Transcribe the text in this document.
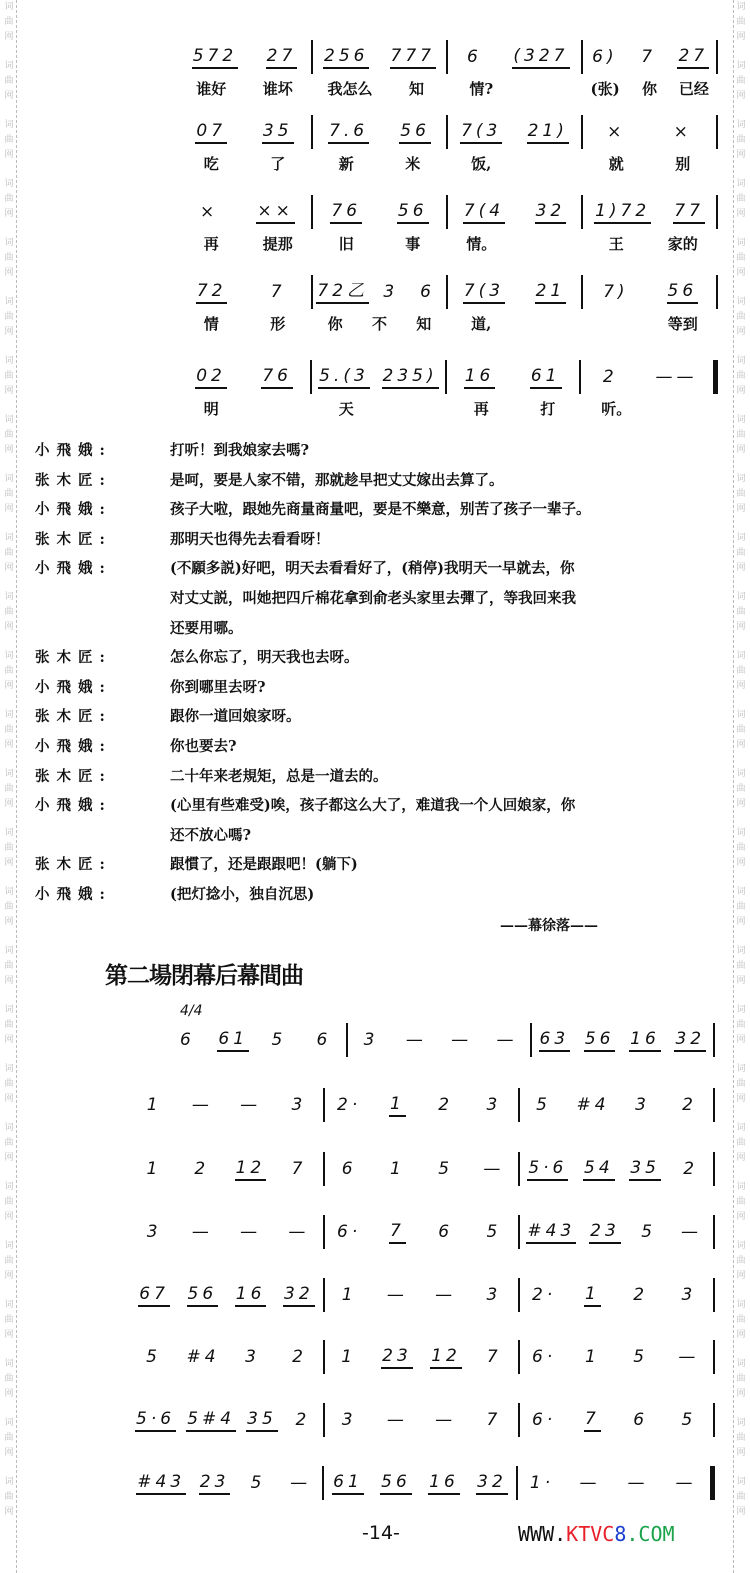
词
曲
网
词
曲
网
词
曲
网
词
曲
网
词
曲
网
词
曲
网
词
曲
网
词
曲
网
词
曲
网
词
曲
网
词
曲
网
词
曲
网
词
曲
网
词
曲
网
词
曲
网
词
曲
网
词
曲
网
词
曲
网
词
曲
网
词
曲
网
词
曲
网
词
曲
网
词
曲
网
词
曲
网
词
曲
网
词
曲
网
词
曲
网
词
曲
网
词
曲
网
词
曲
网
词
曲
网
词
曲
网
词
曲
网
词
曲
网
词
曲
网
词
曲
网
词
曲
网
词
曲
网
词
曲
网
词
曲
网
词
曲
网
词
曲
网
词
曲
网
词
曲
网
词
曲
网
词
曲
网
词
曲
网
词
曲
网
词
曲
网
词
曲
网
词
曲
网
词
曲
网
572 27 256 777 6 (327 6) 7 27
谁好 谁坏 我怎么 知	情?	(张) 你 已经
07 35 7.6 56 7(3 21) ×	×
吃	了	新	米	饭,	就	别
× ×× 76 56 7(4 32 1)72 77
再	提那	旧	事	情。	王	家的
72	7 72乙 3 6 7(3 21 7) 56
情	形	你 不 知	道,	等到
02 76 5.(3 235) 16 61 2 ——
明	天	再	打	听。
小飛娥:	打听！到我娘家去嗎?
张木匠:	是呵，要是人家不错，那就趁早把丈丈嫁出去算了。
小飛娥:	孩子大啦，跟她先商量商量吧，要是不樂意，别苦了孩子一辈子。
张木匠:	那明天也得先去看看呀！
小飛娥:	(不願多説)好吧，明天去看看好了，(稍停)我明天一早就去，你
对丈丈説，叫她把四斤棉花拿到俞老头家里去彈了，等我回来我
还要用哪。
张木匠:	怎么你忘了，明天我也去呀。
小飛娥:	你到哪里去呀?
张木匠:	跟你一道回娘家呀。
小飛娥:	你也要去?
张木匠:	二十年来老規矩，总是一道去的。
小飛娥:	(心里有些难受)唉，孩子都这么大了，难道我一个人回娘家，你
还不放心嗎?
张木匠:	跟慣了，还是跟跟吧！(躺下)
小飛娥:	(把灯捻小，独自沉思)
——幕徐落——
第二場閉幕后幕間曲
4/4
6 61 5 6 3 — — — 63 56 16 32
1 — — 3 2· 1 2 3 5 #4 3 2
1 2 12 7 6 1 5 — 5·6 54 35 2
3 — — — 6· 7 6 5 #43 23 5 —
67 56 16 32 1 — — 3 2· 1 2 3
5 #4 3 2 1 23 12 7 6· 1 5 —
5·6 5#4 35 2 3 — — 7 6· 7 6 5
#43 23 5 — 61 56 16 32 1· — — —
-14-	WWW.KTVC8.COM
